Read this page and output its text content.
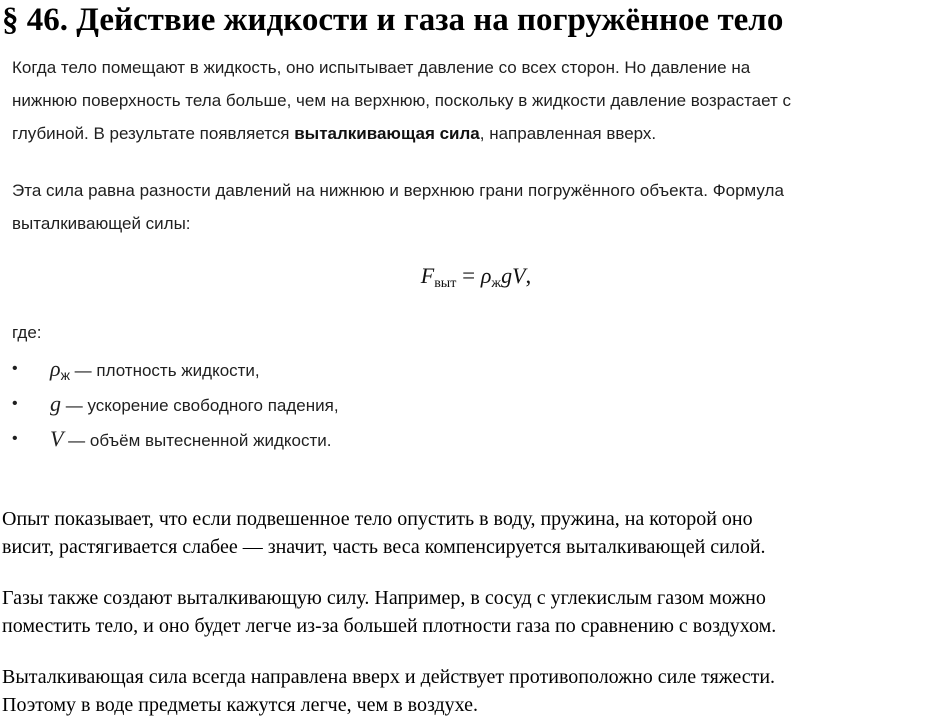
§ 46. Действие жидкости и газа на погружённое тело
Когда тело помещают в жидкость, оно испытывает давление со всех сторон. Но давление на
нижнюю поверхность тела больше, чем на верхнюю, поскольку в жидкости давление возрастает с
глубиной. В результате появляется выталкивающая сила, направленная вверх.
Эта сила равна разности давлений на нижнюю и верхнюю грани погружённого объекта. Формула
выталкивающей силы:
$F_{выт} = \rho_жgV$,
где:
• $\rho_ж$ — плотность жидкости,
• g — ускорение свободного падения,
• V — объём вытесненной жидкости.
Опыт показывает, что если подвешенное тело опустить в воду, пружина, на которой оно
висит, растягивается слабее — значит, часть веса компенсируется выталкивающей силой.
Газы также создают выталкивающую силу. Например, в сосуд с углекислым газом можно
поместить тело, и оно будет легче из-за большей плотности газа по сравнению с воздухом.
Выталкивающая сила всегда направлена вверх и действует противоположно силе тяжести.
Поэтому в воде предметы кажутся легче, чем в воздухе.
